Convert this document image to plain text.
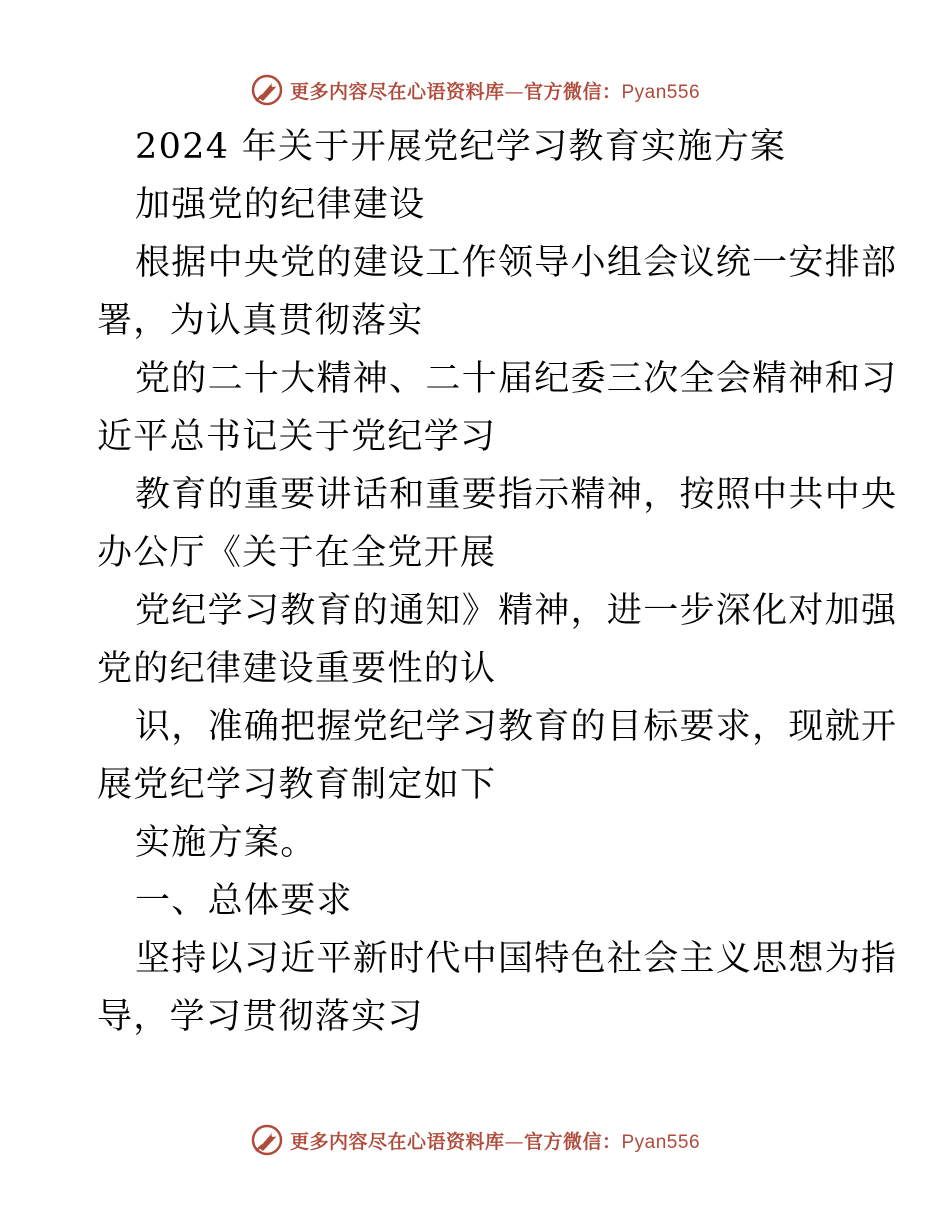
更多内容尽在心语资料库—官方微信：Pyan556
2024 年关于开展党纪学习教育实施方案
加强党的纪律建设
根据中央党的建设工作领导小组会议统一安排部
署，为认真贯彻落实
党的二十大精神、二十届纪委三次全会精神和习
近平总书记关于党纪学习
教育的重要讲话和重要指示精神，按照中共中央
办公厅《关于在全党开展
党纪学习教育的通知》精神，进一步深化对加强
党的纪律建设重要性的认
识，准确把握党纪学习教育的目标要求，现就开
展党纪学习教育制定如下
实施方案。
一、总体要求
坚持以习近平新时代中国特色社会主义思想为指
导，学习贯彻落实习
更多内容尽在心语资料库—官方微信：Pyan556
